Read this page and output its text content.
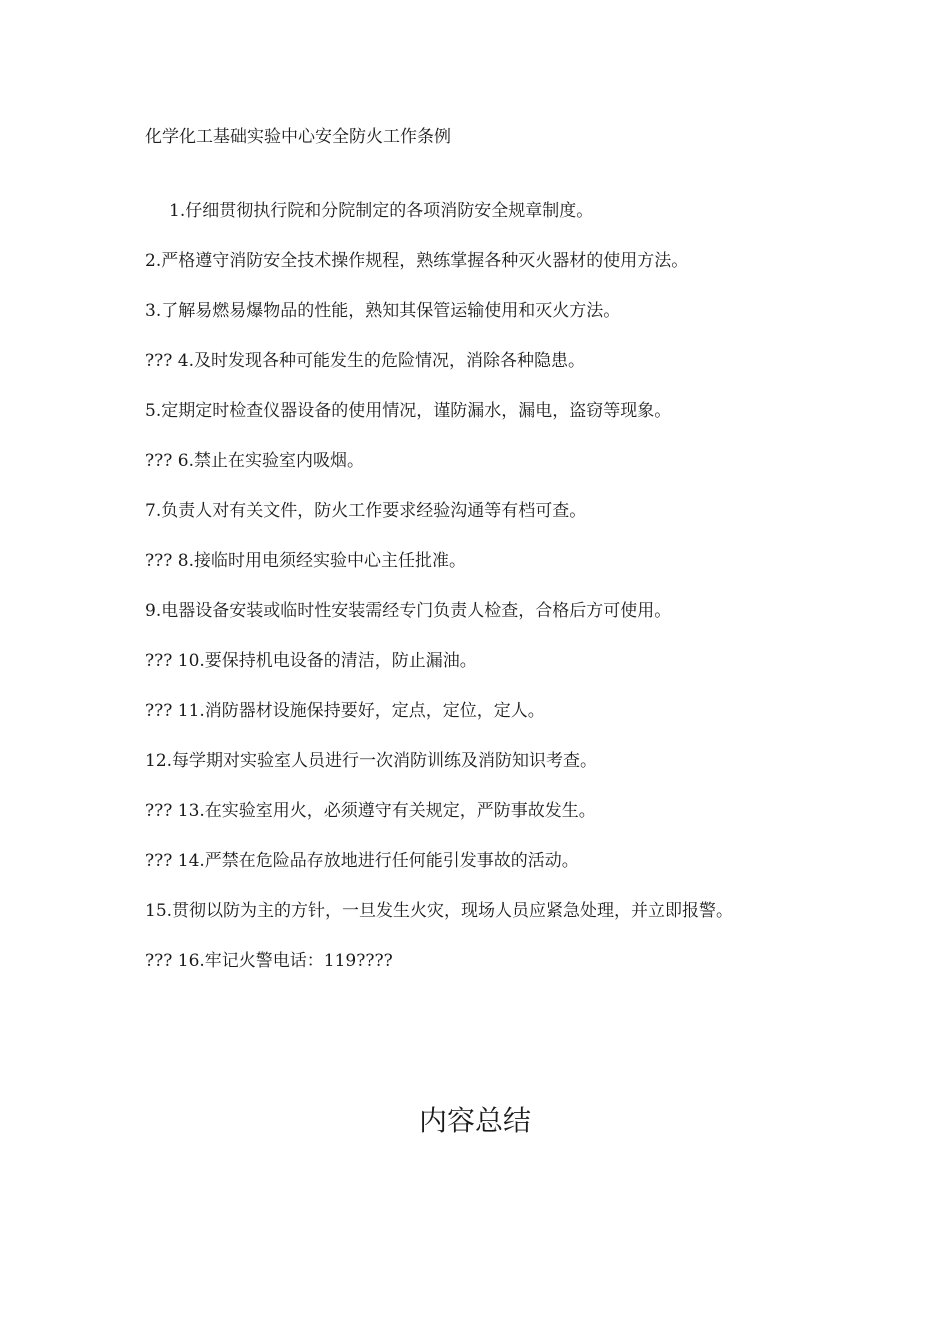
化学化工基础实验中心安全防火工作条例
1.仔细贯彻执行院和分院制定的各项消防安全规章制度。
2.严格遵守消防安全技术操作规程，熟练掌握各种灭火器材的使用方法。
3.了解易燃易爆物品的性能，熟知其保管运输使用和灭火方法。
??? 4.及时发现各种可能发生的危险情况，消除各种隐患。
5.定期定时检查仪器设备的使用情况，谨防漏水，漏电，盗窃等现象。
??? 6.禁止在实验室内吸烟。
7.负责人对有关文件，防火工作要求经验沟通等有档可查。
??? 8.接临时用电须经实验中心主任批准。
9.电器设备安装或临时性安装需经专门负责人检查，合格后方可使用。
??? 10.要保持机电设备的清洁，防止漏油。
??? 11.消防器材设施保持要好，定点，定位，定人。
12.每学期对实验室人员进行一次消防训练及消防知识考查。
??? 13.在实验室用火，必须遵守有关规定，严防事故发生。
??? 14.严禁在危险品存放地进行任何能引发事故的活动。
15.贯彻以防为主的方针，一旦发生火灾，现场人员应紧急处理，并立即报警。
??? 16.牢记火警电话：119????
内容总结
